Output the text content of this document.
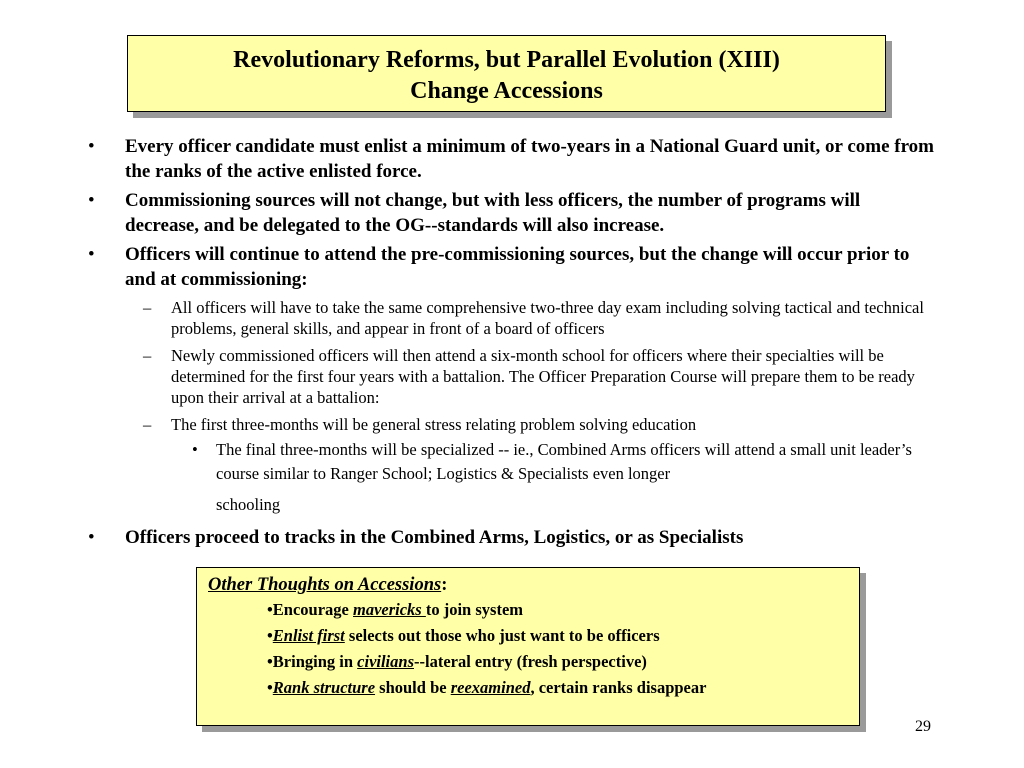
Revolutionary Reforms, but Parallel Evolution (XIII)
Change Accessions
• Every officer candidate must enlist a minimum of two-years in a National Guard unit, or come from the ranks of the active enlisted force.
• Commissioning sources will not change, but with less officers, the number of programs will decrease, and be delegated to the OG--standards will also increase.
• Officers will continue to attend the pre-commissioning sources, but the change will occur prior to and at commissioning:
– All officers will have to take the same comprehensive two-three day exam including solving tactical and technical problems, general skills, and appear in front of a board of officers
– Newly commissioned officers will then attend a six-month school for officers where their specialties will be determined for the first four years with a battalion. The Officer Preparation Course will prepare them to be ready upon their arrival at a battalion:
– The first three-months will be general stress relating problem solving education
• The final three-months will be specialized -- ie., Combined Arms officers will attend a small unit leader’s course similar to Ranger School; Logistics & Specialists even longer
schooling
• Officers proceed to tracks in the Combined Arms, Logistics, or as Specialists
Other Thoughts on Accessions:
•Encourage mavericks to join system
•Enlist first selects out those who just want to be officers
•Bringing in civilians--lateral entry (fresh perspective)
•Rank structure should be reexamined, certain ranks disappear
29
